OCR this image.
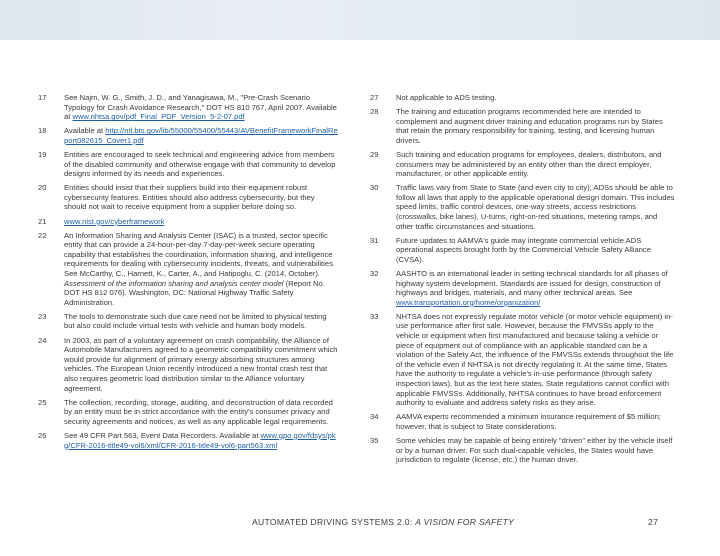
17	See Najm, W. G., Smith, J. D., and Yanagisawa, M., "Pre-Crash Scenario Typology for Crash Avoidance Research," DOT HS 810 767, April 2007. Available at www.nhtsa.gov/pdf_Final_PDF_Version_5-2-07.pdf
18	Available at http://ntl.bts.gov/lib/55000/55400/55443/AVBenefitFrameworkFinalReport082615_Cover1.pdf
19	Entities are encouraged to seek technical and engineering advice from members of the disabled community and otherwise engage with that community to develop designs informed by its needs and experiences.
20	Entities should insist that their suppliers build into their equipment robust cybersecurity features. Entities should also address cybersecurity, but they should not wait to receive equipment from a supplier before doing so.
21	www.nist.gov/cyberframework
22	An Information Sharing and Analysis Center (ISAC) is a trusted, sector specific entity that can provide a 24-hour-per-day 7-day-per-week secure operating capability that establishes the coordination, information sharing, and intelligence requirements for dealing with cybersecurity incidents, threats, and vulnerabilities. See McCarthy, C., Harnett, K., Carter, A., and Hatipoglu, C. (2014, October). Assessment of the information sharing and analysis center model (Report No. DOT HS 812 076). Washington, DC: National Highway Traffic Safety Administration.
23	The tools to demonstrate such due care need not be limited to physical testing but also could include virtual tests with vehicle and human body models.
24	In 2003, as part of a voluntary agreement on crash compatibility, the Alliance of Automobile Manufacturers agreed to a geometric compatibility commitment which would provide for alignment of primary energy absorbing structures among vehicles. The European Union recently introduced a new frontal crash test that also requires geometric load distribution similar to the Alliance voluntary agreement.
25	The collection, recording, storage, auditing, and deconstruction of data recorded by an entity must be in strict accordance with the entity's consumer privacy and security agreements and notices, as well as any applicable legal requirements.
26	See 49 CFR Part 563, Event Data Recorders. Available at www.gpo.gov/fdsys/pkg/CFR-2016-title49-vol6/xml/CFR-2016-title49-vol6-part563.xml
27	Not applicable to ADS testing.
28	The training and education programs recommended here are intended to complement and augment driver training and education programs run by States that retain the primary responsibility for training, testing, and licensing human drivers.
29	Such training and education programs for employees, dealers, distributors, and consumers may be administered by an entity other than the direct employer, manufacturer, or other applicable entity.
30	Traffic laws vary from State to State (and even city to city); ADSs should be able to follow all laws that apply to the applicable operational design domain. This includes speed limits, traffic control devices, one-way streets, access restrictions (crosswalks, bike lanes), U-turns, right-on-red situations, metering ramps, and other traffic circumstances and situations.
31	Future updates to AAMVA's guide may integrate commercial vehicle ADS operational aspects brought forth by the Commercial Vehicle Safety Alliance (CVSA).
32	AASHTO is an international leader in setting technical standards for all phases of highway system development. Standards are issued for design, construction of highways and bridges, materials, and many other technical areas. See www.transportation.org/home/organization/
33	NHTSA does not expressly regulate motor vehicle (or motor vehicle equipment) in-use performance after first sale. However, because the FMVSSs apply to the vehicle or equipment when first manufactured and because taking a vehicle or piece of equipment out of compliance with an applicable standard can be a violation of the Safety Act, the influence of the FMVSSs extends throughout the life of the vehicle even if NHTSA is not directly regulating it. At the same time, States have the authority to regulate a vehicle's in-use performance (through safety inspection laws), but as the text here states, State regulations cannot conflict with applicable FMVSSs. Additionally, NHTSA continues to have broad enforcement authority to evaluate and address safety risks as they arise.
34	AAMVA experts recommended a minimum insurance requirement of $5 million; however, that is subject to State considerations.
35	Some vehicles may be capable of being entirely "driven" either by the vehicle itself or by a human driver. For such dual-capable vehicles, the States would have jurisdiction to regulate (license, etc.) the human driver.
AUTOMATED DRIVING SYSTEMS 2.0: A VISION FOR SAFETY	27
